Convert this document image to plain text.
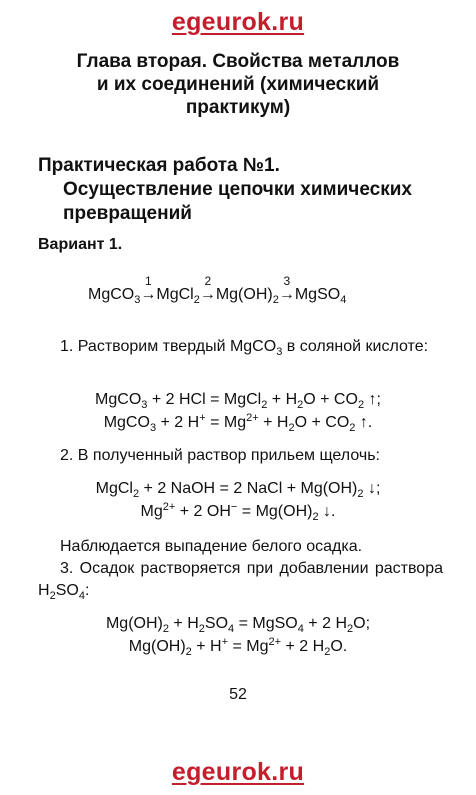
egeurok.ru
Глава вторая. Свойства металлов
и их соединений (химический
практикум)
Практическая работа №1.
Осуществление цепочки химических
превращений
Вариант 1.
MgCO$_3$
1
→MgCl$_2$
2
$\to Mg(OH)_2$
3
→MgSO$_4$
1. Растворим твердый MgCO$_3$ в соляной кислоте:
MgCO$_3$ + 2 HCl = MgCl$_2$ + $H_2O + CO_2$ ↑;
MgCO$_3$ + 2 $H^+ = Mg^{2+} + H_2O + CO_2$ ↑.
2. В полученный раствор прильем щелочь:
MgCl$_2$ + 2 NaOH = 2 NaCl + $Mg(OH)_2$ ↓;
$Mg^{2+} + 2$ $OH^- = Mg(OH)_2$ ↓.
Наблюдается выпадение белого осадка.
3. Осадок растворяется при добавлении раствора $H_2SO_4$:
$Mg(OH)_2 + H_2SO_4$ = MgSO$_4$ + 2 $H_2O$;
$Mg(OH)_2 + H^+ = Mg^{2+} + 2$ $H_2O$.
52
egeurok.ru
